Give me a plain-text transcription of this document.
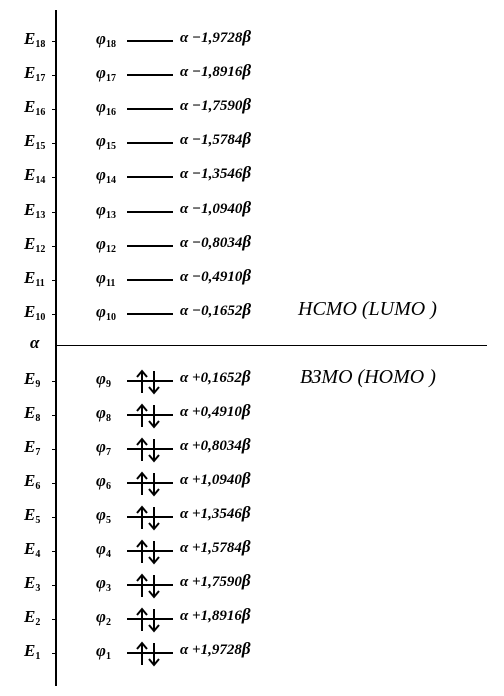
α
НСМО (LUMO )
ВЗМО (НОМО )
$E_{18}$	$\varphi_{18}$	α −1,9728β
$E_{17}$	$\varphi_{17}$	α −1,8916β
$E_{16}$	$\varphi_{16}$	α −1,7590β
$E_{15}$	$\varphi_{15}$	α −1,5784β
$E_{14}$	$\varphi_{14}$	α −1,3546β
$E_{13}$	$\varphi_{13}$	α −1,0940β
$E_{12}$	$\varphi_{12}$	α −0,8034β
$E_{11}$	$\varphi_{11}$	α −0,4910β
$E_{10}$	$\varphi_{10}$	α −0,1652β
$E_9$	$\varphi_9$	α +0,1652β
$E_8$	$\varphi_8$	α +0,4910β
$E_7$	$\varphi_7$	α +0,8034β
$E_6$	$\varphi_6$	α +1,0940β
$E_5$	$\varphi_5$	α +1,3546β
$E_4$	$\varphi_4$	α +1,5784β
$E_3$	$\varphi_3$	α +1,7590β
$E_2$	$\varphi_2$	α +1,8916β
$E_1$	$\varphi_1$	α +1,9728β
